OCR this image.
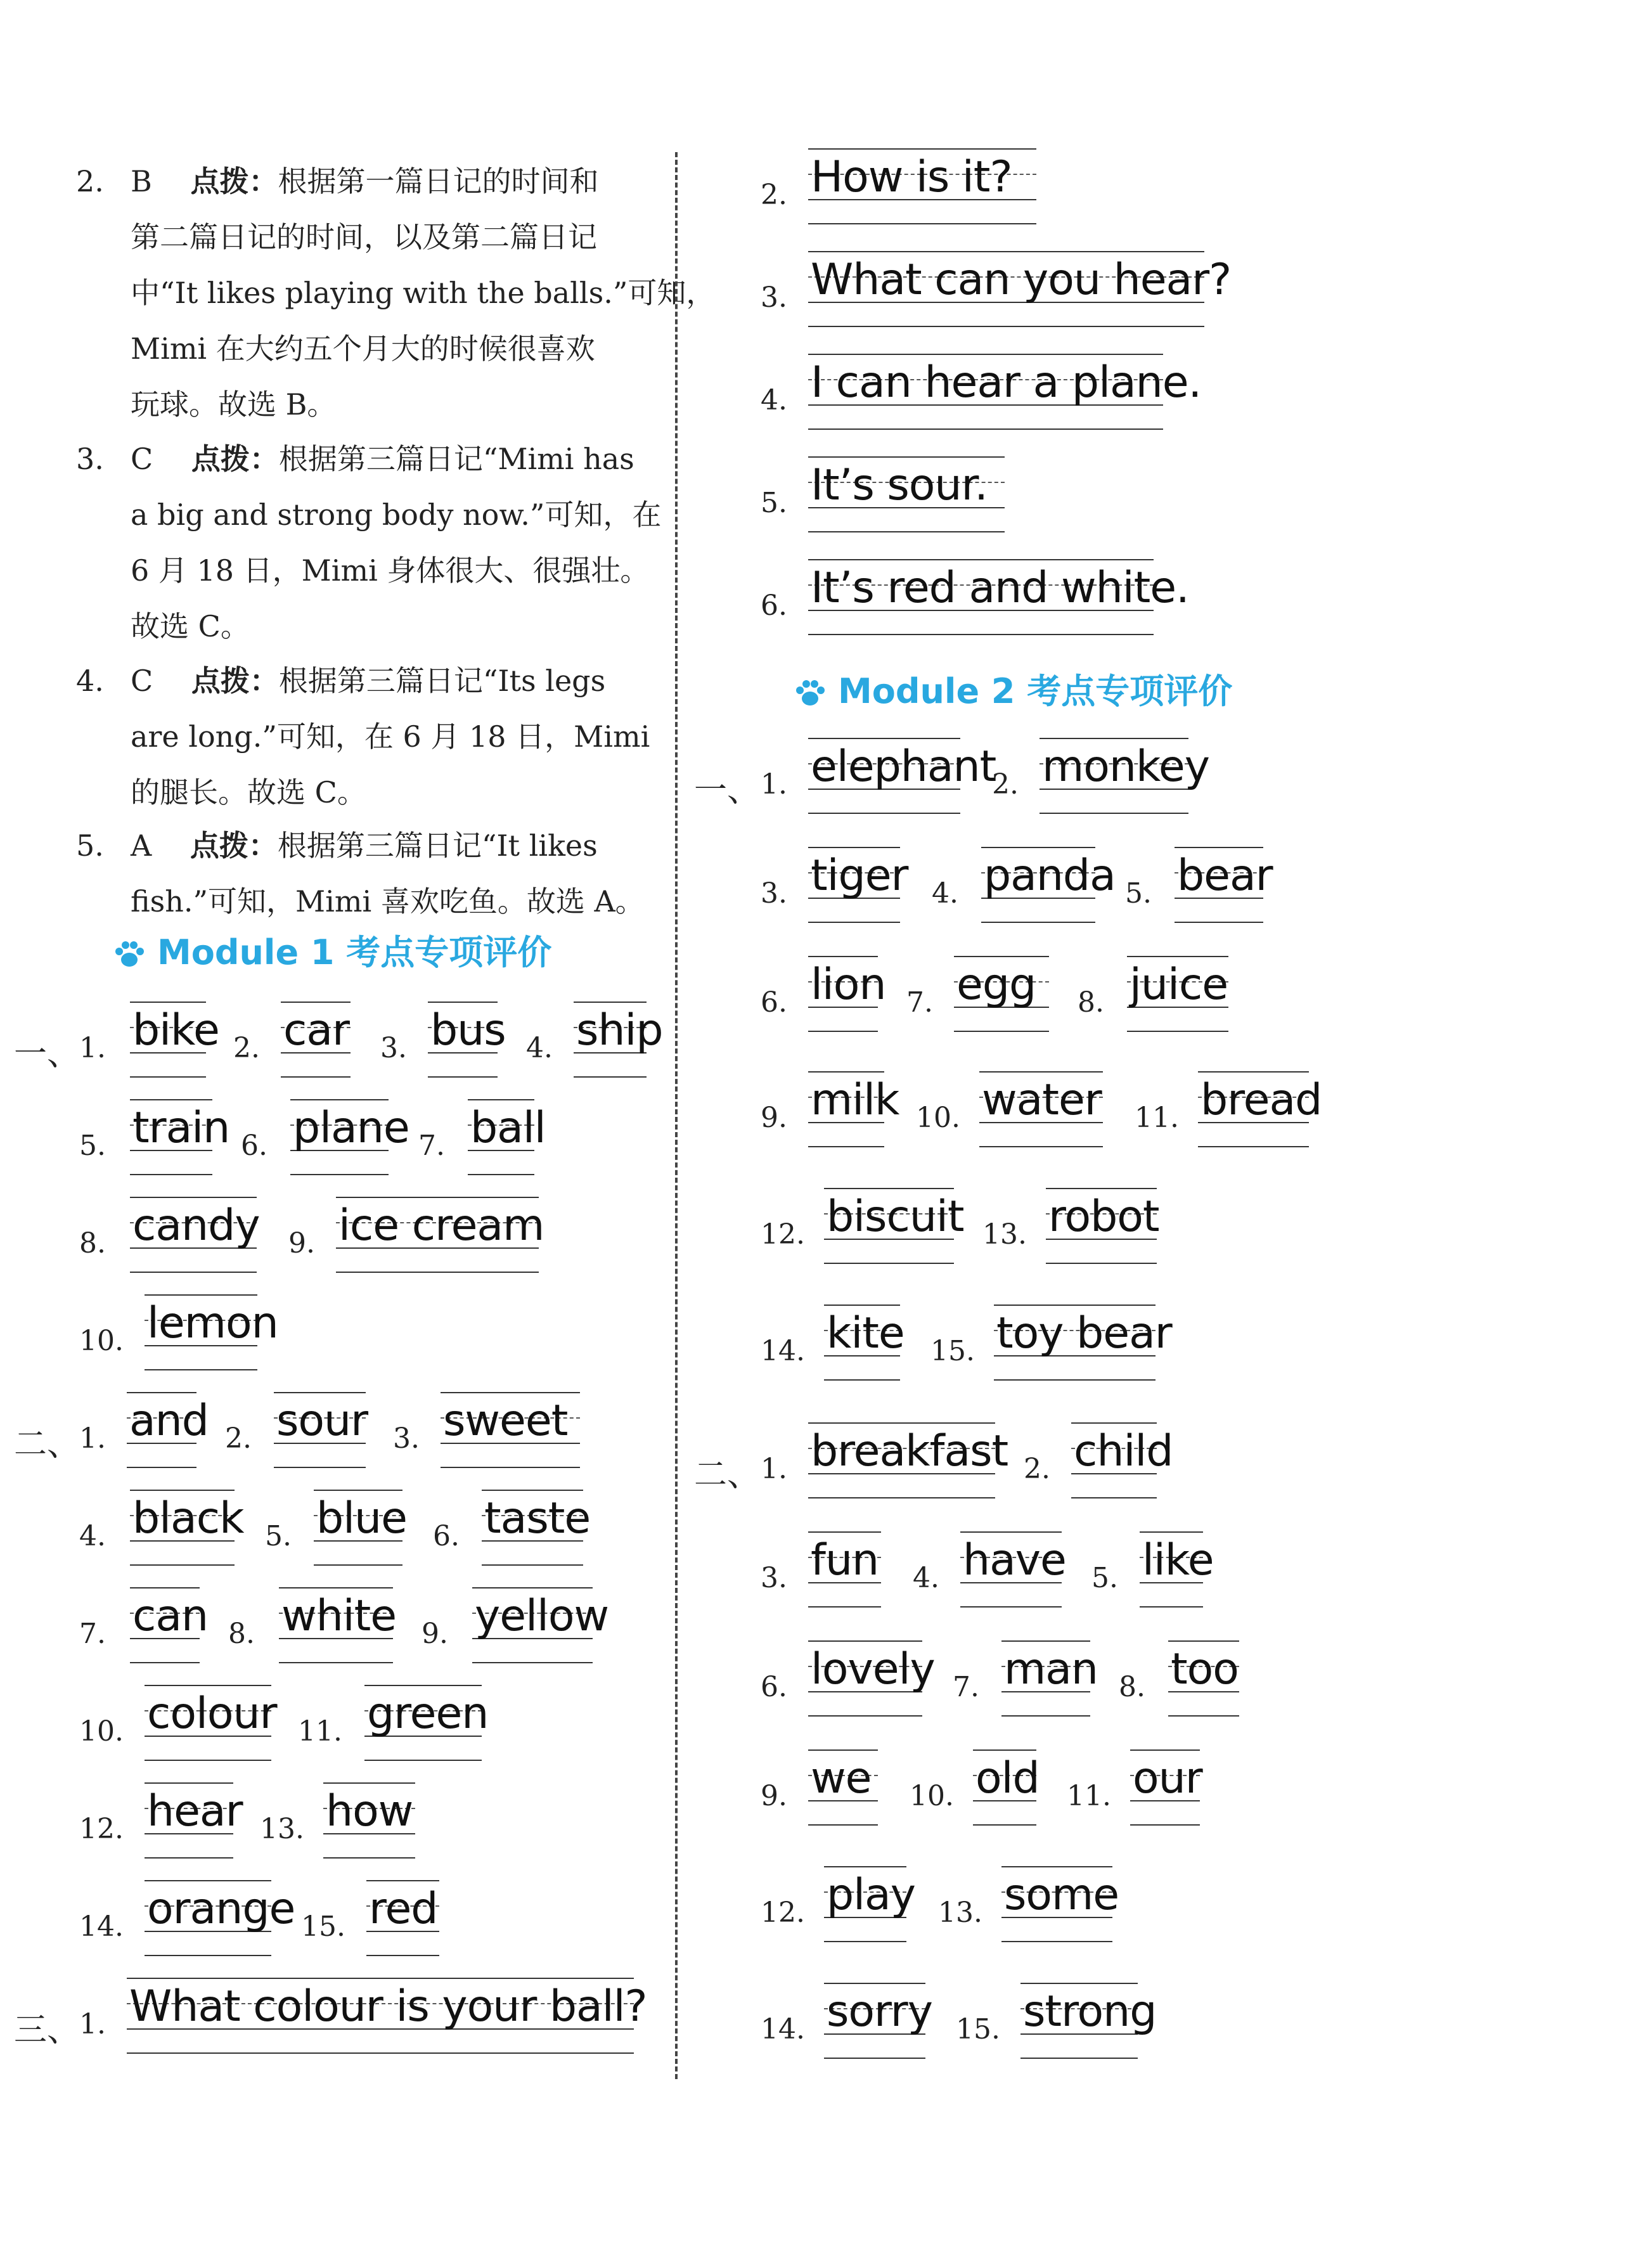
2. B　 点拨：根据第一篇日记的时间和
第二篇日记的时间，以及第二篇日记
中“It likes playing with the balls.”可知，
Mimi 在大约五个月大的时候很喜欢
玩球。故选 B。
3. C　 点拨：根据第三篇日记“Mimi has
a big and strong body now.”可知，在
6 月 18 日，Mimi 身体很大、很强壮。
故选 C。
4. C　 点拨：根据第三篇日记“Its legs
are long.”可知，在 6 月 18 日，Mimi
的腿长。故选 C。
5. A　 点拨：根据第三篇日记“It likes
fish.”可知，Mimi 喜欢吃鱼。故选 A。
Module 1 考点专项评价
一、
1. bike 2. car 3. bus 4. ship
5. train 6. plane 7. ball
8. candy 9. ice cream
10. lemon
二、
1. and 2. sour 3. sweet
4. black 5. blue 6. taste
7. can 8. white 9. yellow
10. colour 11. green
12. hear 13. how
14. orange 15. red
三、
1. What colour is your ball?
2. How is it?
3. What can you hear?
4. I can hear a plane.
5. It’s sour.
6. It’s red and white.
Module 2 考点专项评价
一、 1. elephant
2. monkey
3. tiger 4. panda 5. bear
6. lion 7. egg 8. juice
9. milk 10. water 11. bread
12. biscuit 13. robot
14. kite 15. toy bear
二、 1. breakfast 2. child
3. fun 4. have 5. like
6. lovely 7. man 8. too
9. we 10. old 11. our
12. play 13. some
14. sorry 15. strong
